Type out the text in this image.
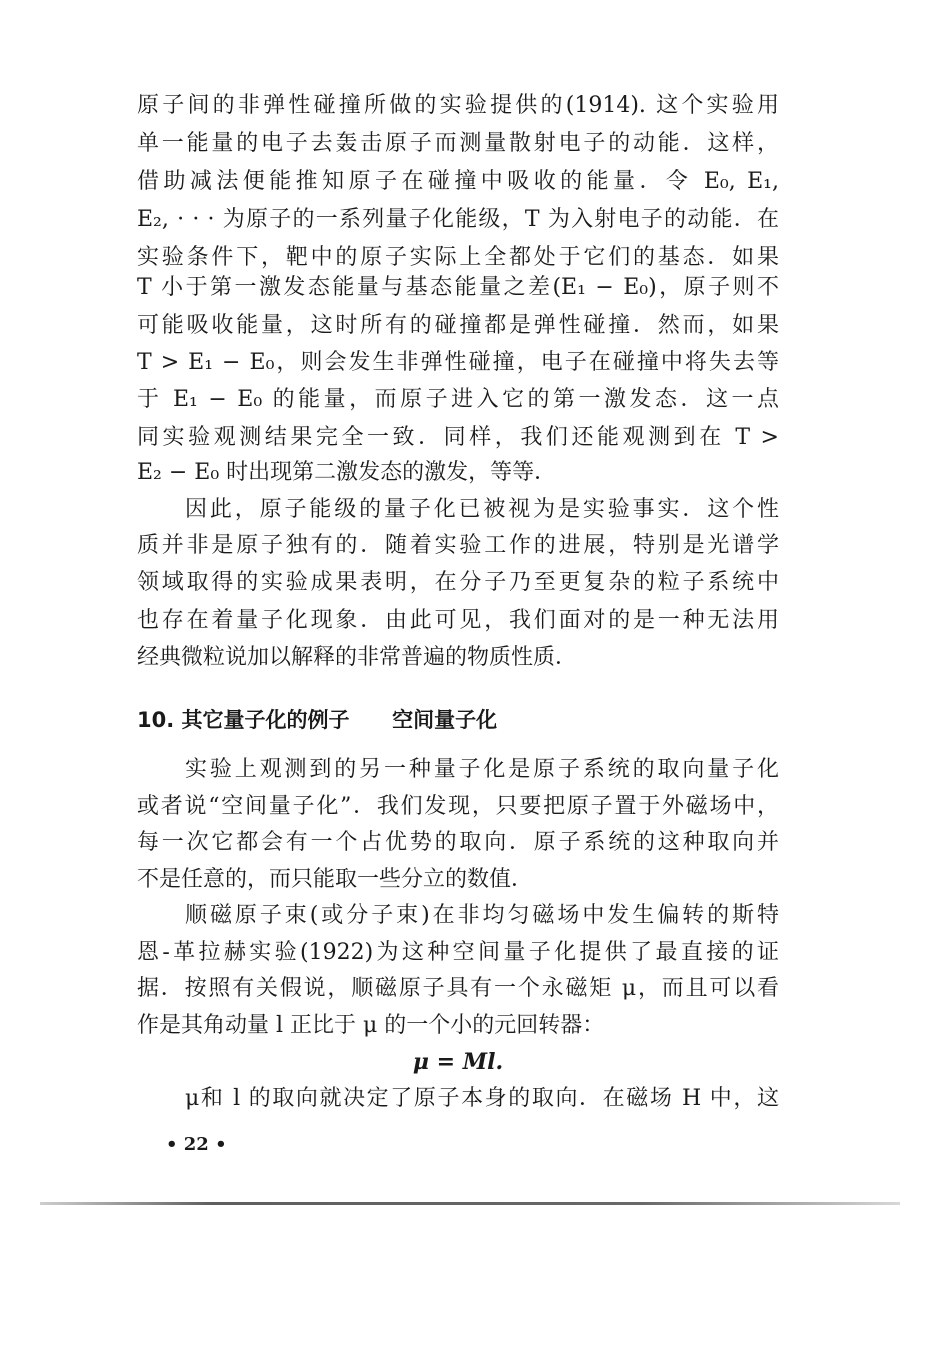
原子间的非弹性碰撞所做的实验提供的(1914). 这个实验用
单一能量的电子去轰击原子而测量散射电子的动能．这样，
借助减法便能推知原子在碰撞中吸收的能量．令 E₀, E₁,
E₂, · · · 为原子的一系列量子化能级，T 为入射电子的动能．在
实验条件下，靶中的原子实际上全都处于它们的基态．如果
T 小于第一激发态能量与基态能量之差(E₁ − E₀)，原子则不
可能吸收能量，这时所有的碰撞都是弹性碰撞．然而，如果
T > E₁ − E₀，则会发生非弹性碰撞，电子在碰撞中将失去等
于 E₁ − E₀ 的能量，而原子进入它的第一激发态．这一点
同实验观测结果完全一致．同样，我们还能观测到在 T >
E₂ − E₀ 时出现第二激发态的激发，等等．
因此，原子能级的量子化已被视为是实验事实．这个性
质并非是原子独有的．随着实验工作的进展，特别是光谱学
领域取得的实验成果表明，在分子乃至更复杂的粒子系统中
也存在着量子化现象．由此可见，我们面对的是一种无法用
经典微粒说加以解释的非常普遍的物质性质．
10. 其它量子化的例子 空间量子化
实验上观测到的另一种量子化是原子系统的取向量子化
或者说“空间量子化”．我们发现，只要把原子置于外磁场中，
每一次它都会有一个占优势的取向．原子系统的这种取向并
不是任意的，而只能取一些分立的数值．
顺磁原子束(或分子束)在非均匀磁场中发生偏转的斯特
恩-革拉赫实验(1922)为这种空间量子化提供了最直接的证
据．按照有关假说，顺磁原子具有一个永磁矩 μ，而且可以看
作是其角动量 l 正比于 μ 的一个小的元回转器：
μ = Ml.
μ和 l 的取向就决定了原子本身的取向．在磁场 H 中，这
• 22 •
